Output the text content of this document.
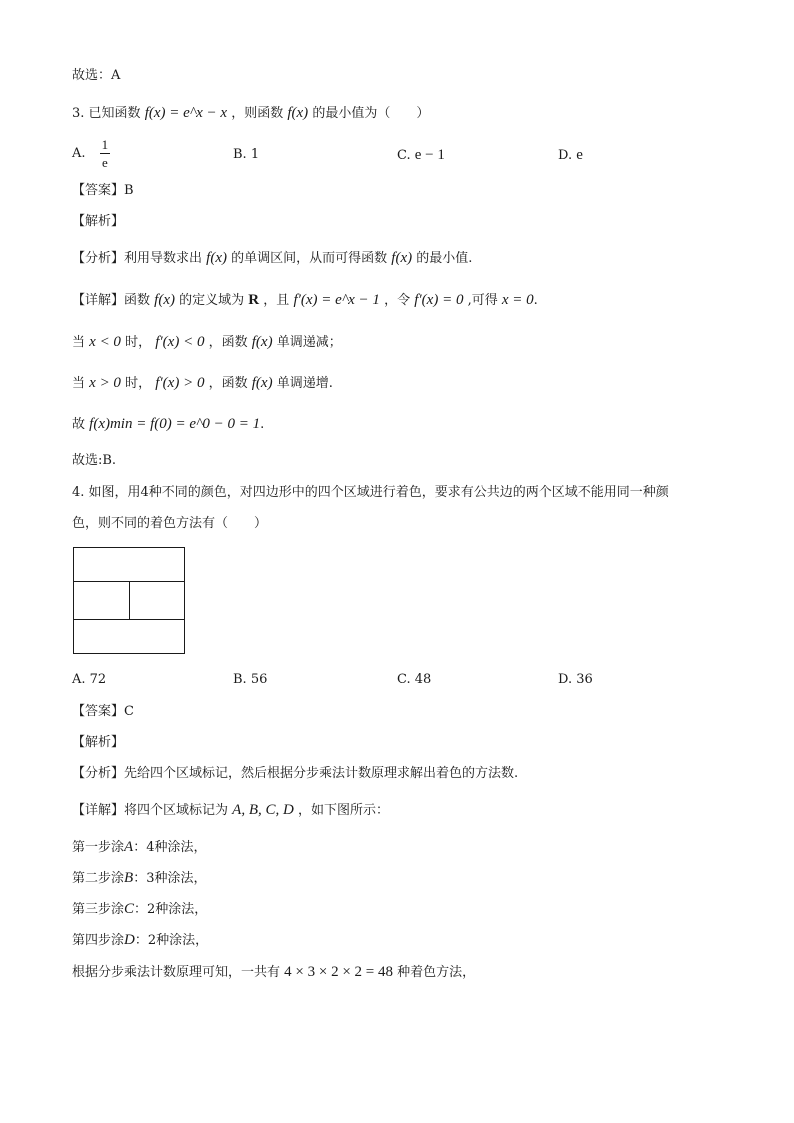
故选：A
3. 已知函数 f(x) = e^x − x ，则函数 f(x) 的最小值为（　　）
A. $\frac{1}{e}$	B. 1	C. e − 1	D. e
【答案】B
【解析】
【分析】利用导数求出 f(x) 的单调区间，从而可得函数 f(x) 的最小值.
【详解】函数 f(x) 的定义域为 R ，且 f′(x) = e^x − 1 ，令 f′(x) = 0 ,可得 x = 0.
当 x < 0 时， f′(x) < 0 ，函数 f(x) 单调递减；
当 x > 0 时， f′(x) > 0 ，函数 f(x) 单调递增.
故 f(x)min = f(0) = e^0 − 0 = 1.
故选:B.
4. 如图，用4种不同的颜色，对四边形中的四个区域进行着色，要求有公共边的两个区域不能用同一种颜
色，则不同的着色方法有（　　）
A. 72	B. 56	C. 48	D. 36
【答案】C
【解析】
【分析】先给四个区域标记，然后根据分步乘法计数原理求解出着色的方法数.
【详解】将四个区域标记为 A, B, C, D ，如下图所示：
第一步涂A：4种涂法，
第二步涂B：3种涂法，
第三步涂C：2种涂法，
第四步涂D：2种涂法，
根据分步乘法计数原理可知，一共有 4 × 3 × 2 × 2 = 48 种着色方法，
